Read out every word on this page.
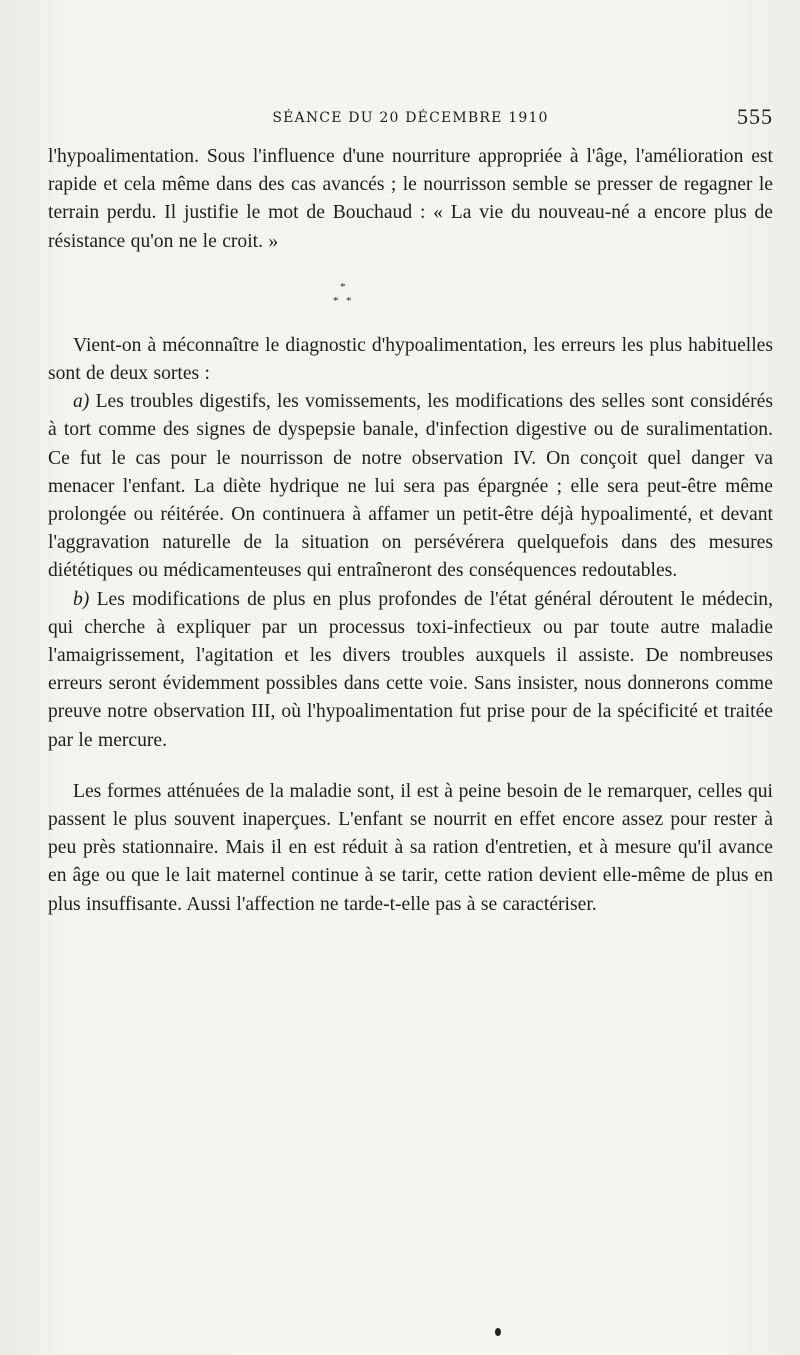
SÉANCE DU 20 DÉCEMBRE 1910	555

l'hypoalimentation. Sous l'influence d'une nourriture appropriée à l'âge, l'amélioration est rapide et cela même dans des cas avancés ; le nourrisson semble se presser de regagner le terrain perdu. Il justifie le mot de Bouchaud : « La vie du nouveau-né a encore plus de résistance qu'on ne le croit. »

*
* *

Vient-on à méconnaître le diagnostic d'hypoalimentation, les erreurs les plus habituelles sont de deux sortes :

a) Les troubles digestifs, les vomissements, les modifications des selles sont considérés à tort comme des signes de dyspepsie banale, d'infection digestive ou de suralimentation. Ce fut le cas pour le nourrisson de notre observation IV. On conçoit quel danger va menacer l'enfant. La diète hydrique ne lui sera pas épargnée ; elle sera peut-être même prolongée ou réitérée. On continuera à affamer un petit-être déjà hypoalimenté, et devant l'aggravation naturelle de la situation on persévérera quelquefois dans des mesures diététiques ou médicamenteuses qui entraîneront des conséquences redoutables.

b) Les modifications de plus en plus profondes de l'état général déroutent le médecin, qui cherche à expliquer par un processus toxi-infectieux ou par toute autre maladie l'amaigrissement, l'agitation et les divers troubles auxquels il assiste. De nombreuses erreurs seront évidemment possibles dans cette voie. Sans insister, nous donnerons comme preuve notre observation III, où l'hypoalimentation fut prise pour de la spécificité et traitée par le mercure.

Les formes atténuées de la maladie sont, il est à peine besoin de le remarquer, celles qui passent le plus souvent inaperçues. L'enfant se nourrit en effet encore assez pour rester à peu près stationnaire. Mais il en est réduit à sa ration d'entretien, et à mesure qu'il avance en âge ou que le lait maternel continue à se tarir, cette ration devient elle-même de plus en plus insuffisante. Aussi l'affection ne tarde-t-elle pas à se caractériser.
